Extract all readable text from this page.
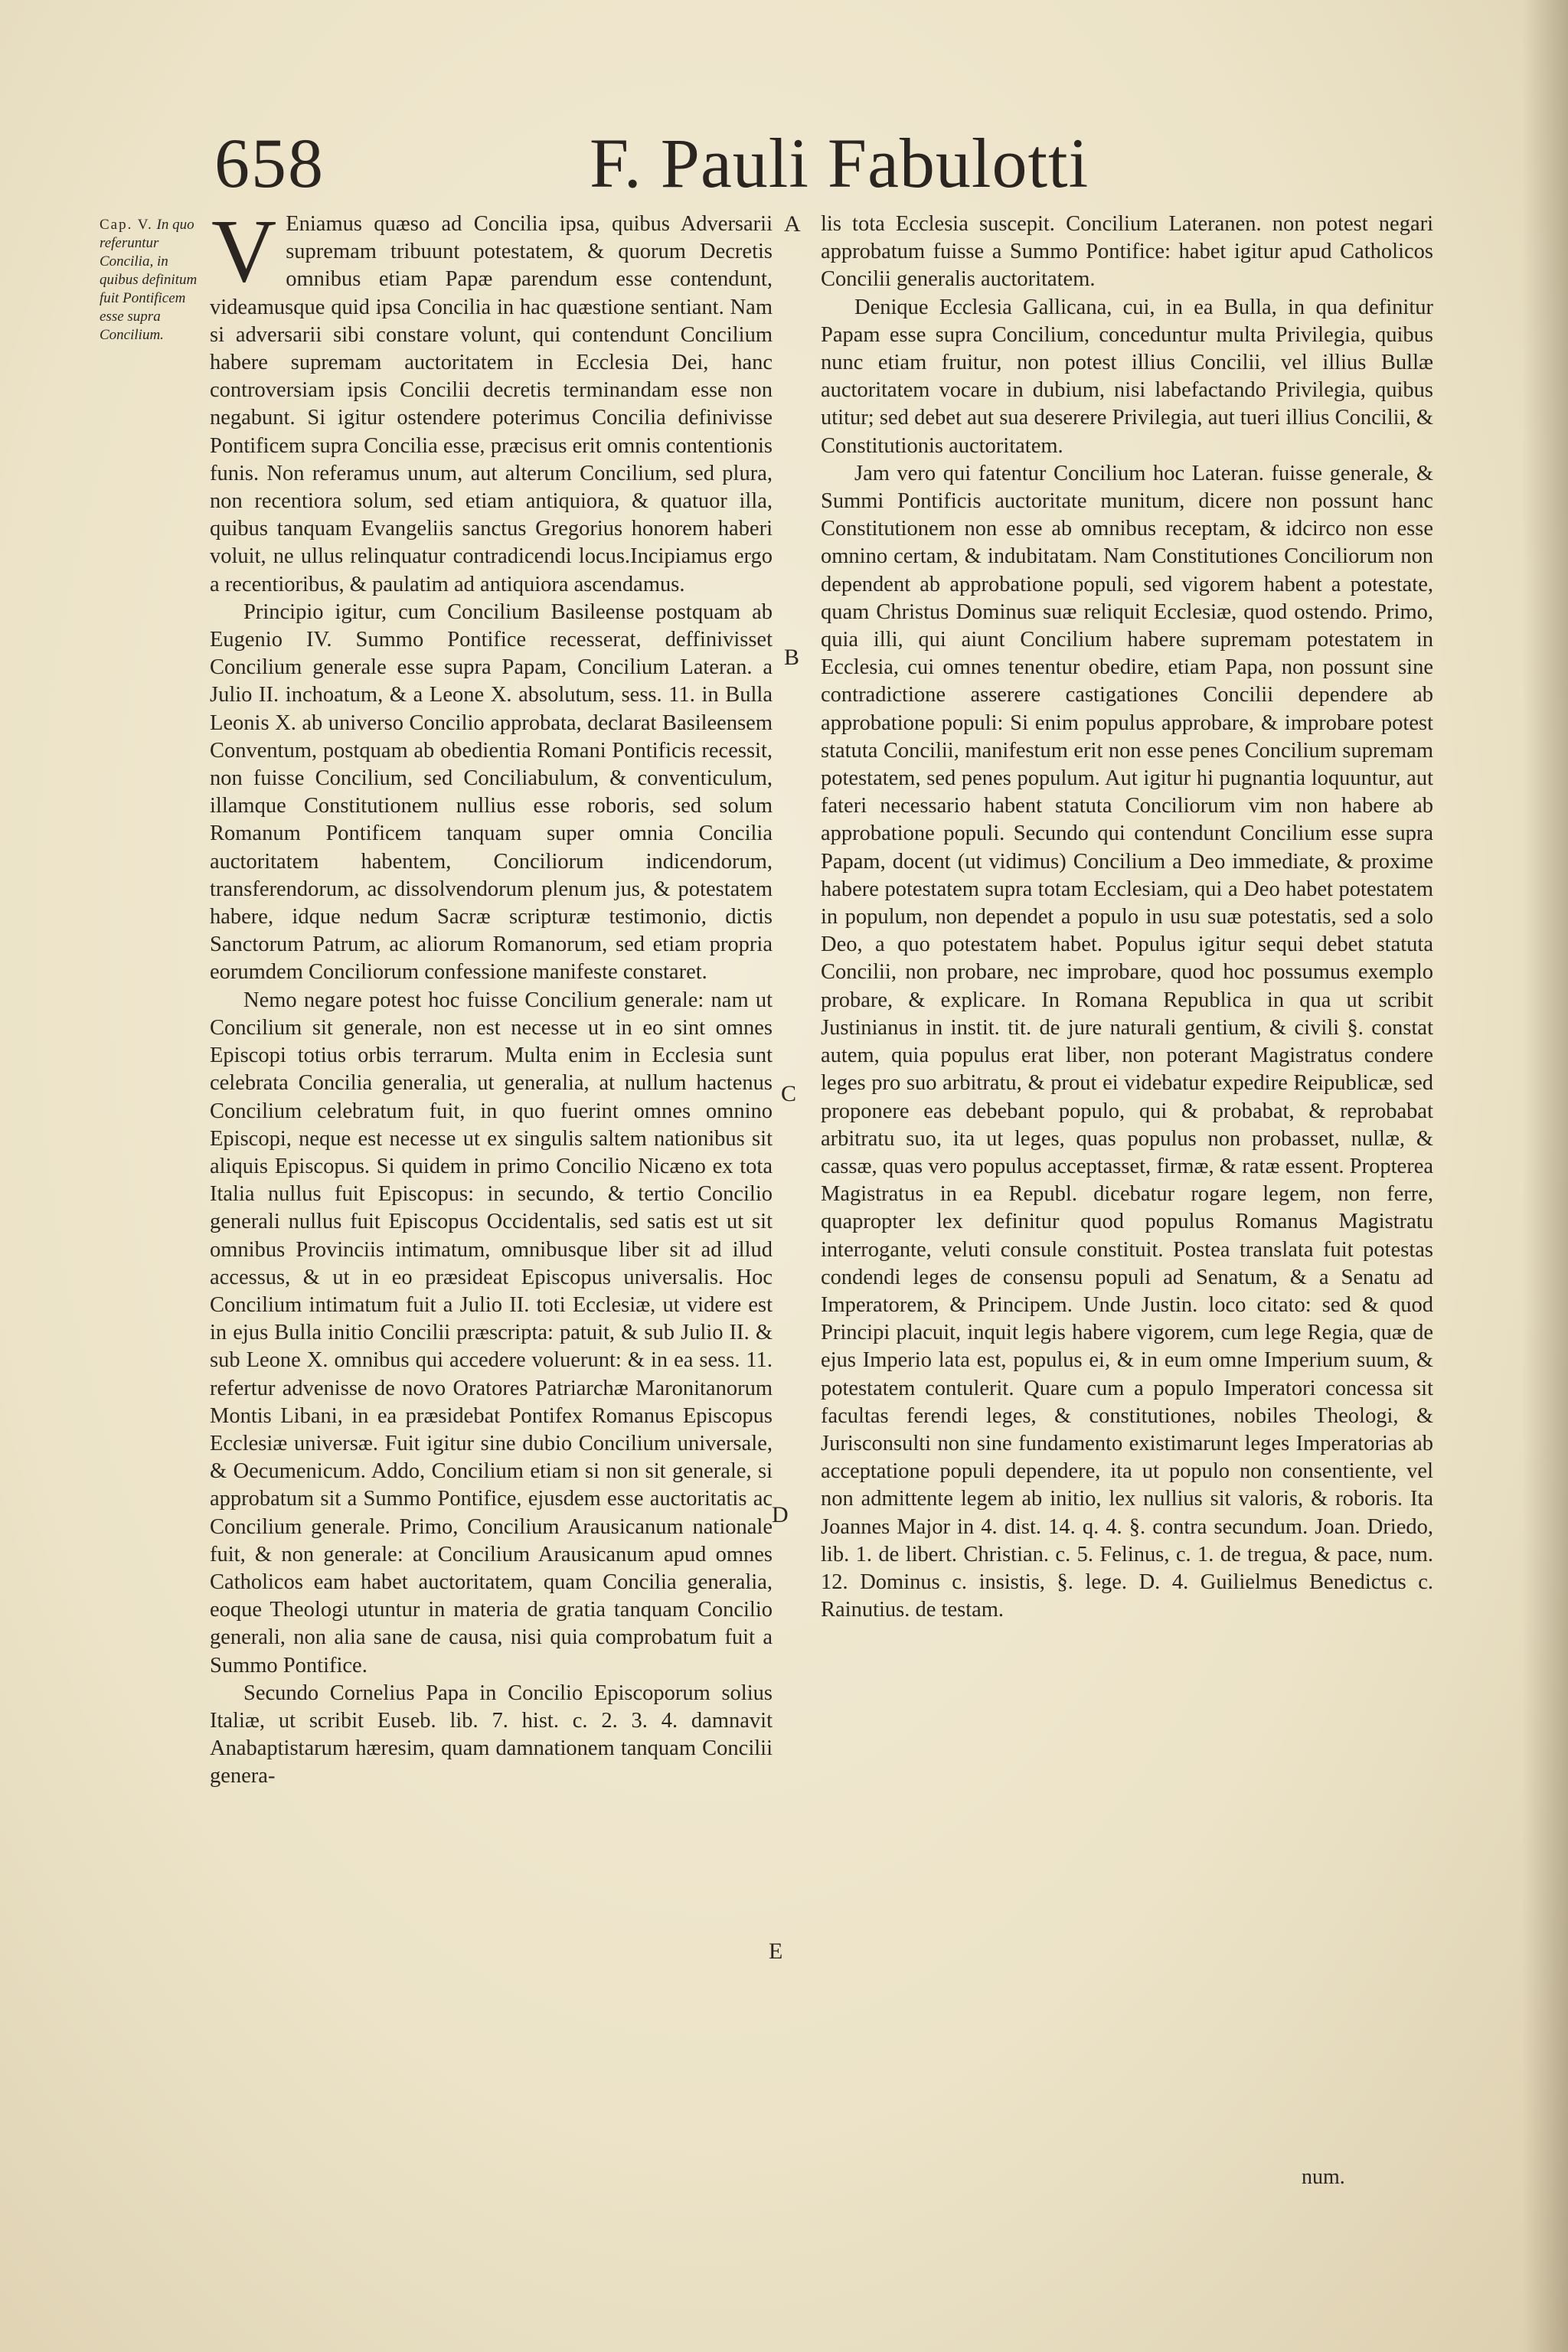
658	F. Pauli Fabulotti
Cap. V. In quo referuntur Concilia, in quibus definitum fuit Pontificem esse supra Concilium.

V Eniamus quæso ad Concilia ipsa, quibus Adversarii supremam tribuunt potestatem, & quorum Decretis omnibus etiam Papæ parendum esse contendunt, videamusque quid ipsa Concilia in hac quæstione sentiant. Nam si adversarii sibi constare volunt, qui contendunt Concilium habere supremam auctoritatem in Ecclesia Dei, hanc controversiam ipsis Concilii decretis terminandam esse non negabunt. Si igitur ostendere poterimus Concilia definivisse Pontificem supra Concilia esse, præcisus erit omnis contentionis funis. Non referamus unum, aut alterum Concilium, sed plura, non recentiora solum, sed etiam antiquiora, & quatuor illa, quibus tanquam Evangeliis sanctus Gregorius honorem haberi voluit, ne ullus relinquatur contradicendi locus.Incipiamus ergo a recentioribus, & paulatim ad antiquiora ascendamus.

Principio igitur, cum Concilium Basileense postquam ab Eugenio IV. Summo Pontifice recesserat, deffinivisset Concilium generale esse supra Papam, Concilium Lateran. a Julio II. inchoatum, & a Leone X. absolutum, sess. 11. in Bulla Leonis X. ab universo Concilio approbata, declarat Basileensem Conventum, postquam ab obedientia Romani Pontificis recessit, non fuisse Concilium, sed Conciliabulum, & conventiculum, illamque Constitutionem nullius esse roboris, sed solum Romanum Pontificem tanquam super omnia Concilia auctoritatem habentem, Conciliorum indicendorum, transferendorum, ac dissolvendorum plenum jus, & potestatem habere, idque nedum Sacræ scripturæ testimonio, dictis Sanctorum Patrum, ac aliorum Romanorum, sed etiam propria eorumdem Conciliorum confessione manifeste constaret.

Nemo negare potest hoc fuisse Concilium generale: nam ut Concilium sit generale, non est necesse ut in eo sint omnes Episcopi totius orbis terrarum. Multa enim in Ecclesia sunt celebrata Concilia generalia, ut generalia, at nullum hactenus Concilium celebratum fuit, in quo fuerint omnes omnino Episcopi, neque est necesse ut ex singulis saltem nationibus sit aliquis Episcopus. Si quidem in primo Concilio Nicæno ex tota Italia nullus fuit Episcopus: in secundo, & tertio Concilio generali nullus fuit Episcopus Occidentalis, sed satis est ut sit omnibus Provinciis intimatum, omnibusque liber sit ad illud accessus, & ut in eo præsideat Episcopus universalis. Hoc Concilium intimatum fuit a Julio II. toti Ecclesiæ, ut videre est in ejus Bulla initio Concilii præscripta: patuit, & sub Julio II. & sub Leone X. omnibus qui accedere voluerunt: & in ea sess. 11. refertur advenisse de novo Oratores Patriarchæ Maronitanorum Montis Libani, in ea præsidebat Pontifex Romanus Episcopus Ecclesiæ universæ. Fuit igitur sine dubio Concilium universale, & Oecumenicum. Addo, Concilium etiam si non sit generale, si approbatum sit a Summo Pontifice, ejusdem esse auctoritatis ac Concilium generale. Primo, Concilium Arausicanum nationale fuit, & non generale: at Concilium Arausicanum apud omnes Catholicos eam habet auctoritatem, quam Concilia generalia, eoque Theologi utuntur in materia de gratia tanquam Concilio generali, non alia sane de causa, nisi quia comprobatum fuit a Summo Pontifice.

Secundo Cornelius Papa in Concilio Episcoporum solius Italiæ, ut scribit Euseb. lib. 7. hist. c. 2. 3. 4. damnavit Anabaptistarum hæresim, quam damnationem tanquam Concilii genera-

A
B
C
D
E

lis tota Ecclesia suscepit. Concilium Lateranen. non potest negari approbatum fuisse a Summo Pontifice: habet igitur apud Catholicos Concilii generalis auctoritatem.

Denique Ecclesia Gallicana, cui, in ea Bulla, in qua definitur Papam esse supra Concilium, conceduntur multa Privilegia, quibus nunc etiam fruitur, non potest illius Concilii, vel illius Bullæ auctoritatem vocare in dubium, nisi labefactando Privilegia, quibus utitur; sed debet aut sua deserere Privilegia, aut tueri illius Concilii, & Constitutionis auctoritatem.

Jam vero qui fatentur Concilium hoc Lateran. fuisse generale, & Summi Pontificis auctoritate munitum, dicere non possunt hanc Constitutionem non esse ab omnibus receptam, & idcirco non esse omnino certam, & indubitatam. Nam Constitutiones Conciliorum non dependent ab approbatione populi, sed vigorem habent a potestate, quam Christus Dominus suæ reliquit Ecclesiæ, quod ostendo. Primo, quia illi, qui aiunt Concilium habere supremam potestatem in Ecclesia, cui omnes tenentur obedire, etiam Papa, non possunt sine contradictione asserere castigationes Concilii dependere ab approbatione populi: Si enim populus approbare, & improbare potest statuta Concilii, manifestum erit non esse penes Concilium supremam potestatem, sed penes populum. Aut igitur hi pugnantia loquuntur, aut fateri necessario habent statuta Conciliorum vim non habere ab approbatione populi. Secundo qui contendunt Concilium esse supra Papam, docent (ut vidimus) Concilium a Deo immediate, & proxime habere potestatem supra totam Ecclesiam, qui a Deo habet potestatem in populum, non dependet a populo in usu suæ potestatis, sed a solo Deo, a quo potestatem habet. Populus igitur sequi debet statuta Concilii, non probare, nec improbare, quod hoc possumus exemplo probare, & explicare. In Romana Republica in qua ut scribit Justinianus in instit. tit. de jure naturali gentium, & civili §. constat autem, quia populus erat liber, non poterant Magistratus condere leges pro suo arbitratu, & prout ei videbatur expedire Reipublicæ, sed proponere eas debebant populo, qui & probabat, & reprobabat arbitratu suo, ita ut leges, quas populus non probasset, nullæ, & cassæ, quas vero populus acceptasset, firmæ, & ratæ essent. Propterea Magistratus in ea Republ. dicebatur rogare legem, non ferre, quapropter lex definitur quod populus Romanus Magistratu interrogante, veluti consule constituit. Postea translata fuit potestas condendi leges de consensu populi ad Senatum, & a Senatu ad Imperatorem, & Principem. Unde Justin. loco citato: sed & quod Principi placuit, inquit legis habere vigorem, cum lege Regia, quæ de ejus Imperio lata est, populus ei, & in eum omne Imperium suum, & potestatem contulerit. Quare cum a populo Imperatori concessa sit facultas ferendi leges, & constitutiones, nobiles Theologi, & Jurisconsulti non sine fundamento existimarunt leges Imperatorias ab acceptatione populi dependere, ita ut populo non consentiente, vel non admittente legem ab initio, lex nullius sit valoris, & roboris. Ita Joannes Major in 4. dist. 14. q. 4. §. contra secundum. Joan. Driedo, lib. 1. de libert. Christian. c. 5. Felinus, c. 1. de tregua, & pace, num. 12. Dominus c. insistis, §. lege. D. 4. Guilielmus Benedictus c. Rainutius. de testam.

num.
